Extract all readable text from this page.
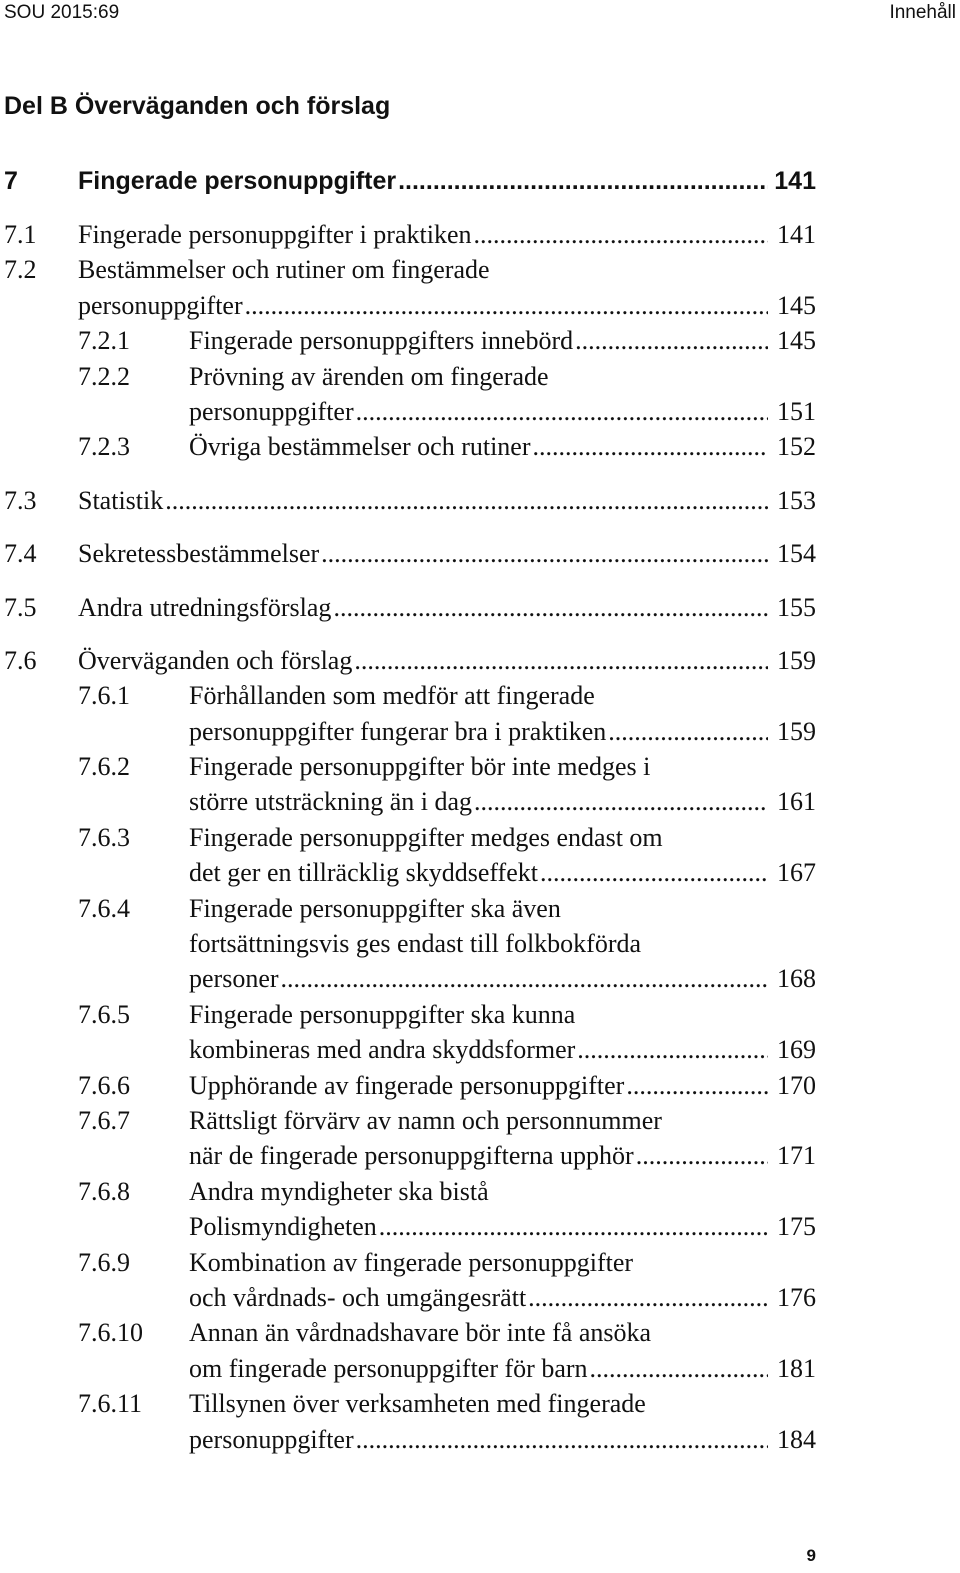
SOU 2015:69	Innehåll
Del B Överväganden och förslag
7 Fingerade personuppgifter .....	141
7.1 Fingerade personuppgifter i praktiken .....	141
7.2 Bestämmelser och rutiner om fingerade
personuppgifter .....	145
7.2.1 Fingerade personuppgifters innebörd .....	145
7.2.2 Prövning av ärenden om fingerade
personuppgifter .....	151
7.2.3 Övriga bestämmelser och rutiner .....	152
7.3 Statistik .....	153
7.4 Sekretessbestämmelser .....	154
7.5 Andra utredningsförslag .....	155
7.6 Överväganden och förslag .....	159
7.6.1 Förhållanden som medför att fingerade
personuppgifter fungerar bra i praktiken .....	159
7.6.2 Fingerade personuppgifter bör inte medges i
större utsträckning än i dag .....	161
7.6.3 Fingerade personuppgifter medges endast om
det ger en tillräcklig skyddseffekt .....	167
7.6.4 Fingerade personuppgifter ska även
fortsättningsvis ges endast till folkbokförda
personer .....	168
7.6.5 Fingerade personuppgifter ska kunna
kombineras med andra skyddsformer .....	169
7.6.6 Upphörande av fingerade personuppgifter .....	170
7.6.7 Rättsligt förvärv av namn och personnummer
när de fingerade personuppgifterna upphör .....	171
7.6.8 Andra myndigheter ska bistå
Polismyndigheten .....	175
7.6.9 Kombination av fingerade personuppgifter
och vårdnads- och umgängesrätt .....	176
7.6.10 Annan än vårdnadshavare bör inte få ansöka
om fingerade personuppgifter för barn .....	181
7.6.11 Tillsynen över verksamheten med fingerade
personuppgifter .....	184
9
